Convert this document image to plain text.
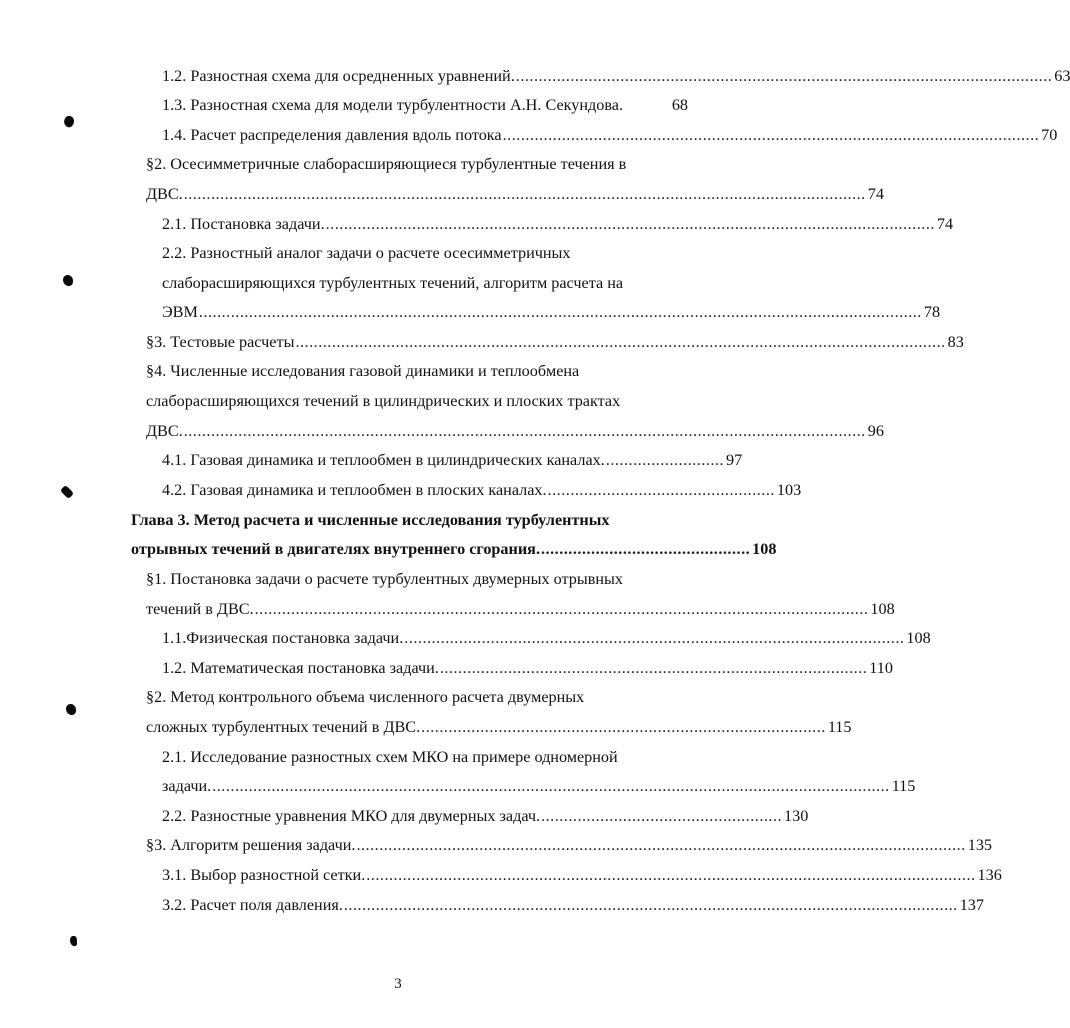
1.2. Разностная схема для осредненных уравнений. ...................................................................................................................... 63
1.3. Разностная схема для модели турбулентности А.Н. Секундова.	68
1.4. Расчет распределения давления вдоль потока ...................................................................................................................... 70
§2. Осесимметричные слаборасширяющиеся турбулентные течения в
ДВС. ...................................................................................................................................................... 74
2.1. Постановка задачи. ...................................................................................................................................... 74
2.2. Разностный аналог задачи о расчете осесимметричных
слаборасширяющихся турбулентных течений, алгоритм расчета на
ЭВМ ............................................................................................................................................................... 78
§3. Тестовые расчеты ............................................................................................................................................... 83
§4. Численные исследования газовой динамики и теплообмена
слаборасширяющихся течений в цилиндрических и плоских трактах
ДВС. ...................................................................................................................................................... 96
4.1. Газовая динамика и теплообмен в цилиндрических каналах. .......................... 97
4.2. Газовая динамика и теплообмен в плоских каналах. .................................................. 103
Глава 3. Метод расчета и численные исследования турбулентных
отрывных течений в двигателях внутреннего сгорания. .............................................. 108
§1. Постановка задачи о расчете турбулентных двумерных отрывных
течений в ДВС. ....................................................................................................................................... 108
1.1.Физическая постановка задачи. .............................................................................................................. 108
1.2. Математическая постановка задачи. .............................................................................................. 110
§2. Метод контрольного объема численного расчета двумерных
сложных турбулентных течений в ДВС. ......................................................................................... 115
2.1. Исследование разностных схем МКО на примере одномерной
задачи. ..................................................................................................................................................... 115
2.2. Разностные уравнения МКО для двумерных задач. ..................................................... 130
§3. Алгоритм решения задачи. ...................................................................................................................................... 135
3.1. Выбор разностной сетки. ...................................................................................................................................... 136
3.2. Расчет поля давления. ....................................................................................................................................... 137
3
